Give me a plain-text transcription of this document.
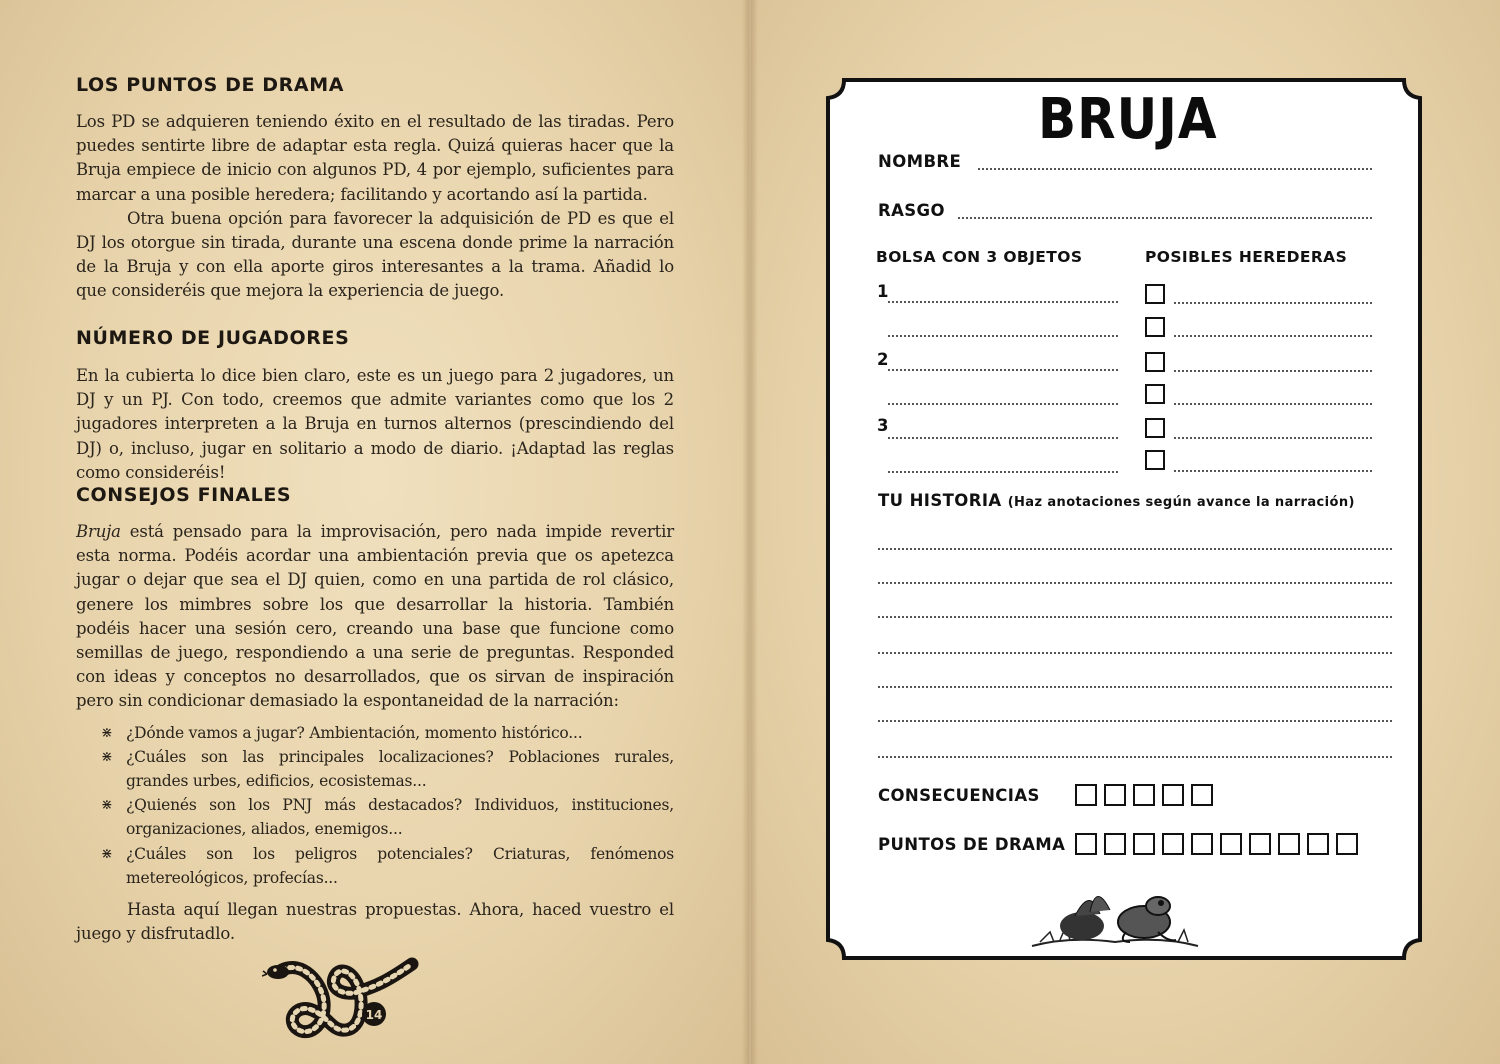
LOS PUNTOS DE DRAMA

Los PD se adquieren teniendo éxito en el resultado de las tiradas. Pero puedes sentirte libre de adaptar esta regla. Quizá quieras hacer que la Bruja empiece de inicio con algunos PD, 4 por ejemplo, suficientes para marcar a una posible heredera; facilitando y acortando así la partida.

Otra buena opción para favorecer la adquisición de PD es que el DJ los otorgue sin tirada, durante una escena donde prime la narración de la Bruja y con ella aporte giros interesantes a la trama. Añadid lo que consideréis que mejora la experiencia de juego.

NÚMERO DE JUGADORES

En la cubierta lo dice bien claro, este es un juego para 2 jugadores, un DJ y un PJ. Con todo, creemos que admite variantes como que los 2 jugadores interpreten a la Bruja en turnos alternos (prescindiendo del DJ) o, incluso, jugar en solitario a modo de diario. ¡Adaptad las reglas como consideréis!

CONSEJOS FINALES

Bruja está pensado para la improvisación, pero nada impide revertir esta norma. Podéis acordar una ambientación previa que os apetezca jugar o dejar que sea el DJ quien, como en una partida de rol clásico, genere los mimbres sobre los que desarrollar la historia. También podéis hacer una sesión cero, creando una base que funcione como semillas de juego, respondiendo a una serie de preguntas. Responded con ideas y conceptos no desarrollados, que os sirvan de inspiración pero sin condicionar demasiado la espontaneidad de la narración:

⋇ ¿Dónde vamos a jugar? Ambientación, momento histórico...
⋇ ¿Cuáles son las principales localizaciones? Poblaciones rurales, grandes urbes, edificios, ecosistemas...
⋇ ¿Quienés son los PNJ más destacados? Individuos, instituciones, organizaciones, aliados, enemigos...
⋇ ¿Cuáles son los peligros potenciales? Criaturas, fenómenos metereológicos, profecías...

Hasta aquí llegan nuestras propuestas. Ahora, haced vuestro el juego y disfrutadlo.

14
BRUJA
NOMBRE
RASGO
BOLSA CON 3 OBJETOS	POSIBLES HEREDERAS
1
2
3
TU HISTORIA (Haz anotaciones según avance la narración)
CONSECUENCIAS
PUNTOS DE DRAMA
